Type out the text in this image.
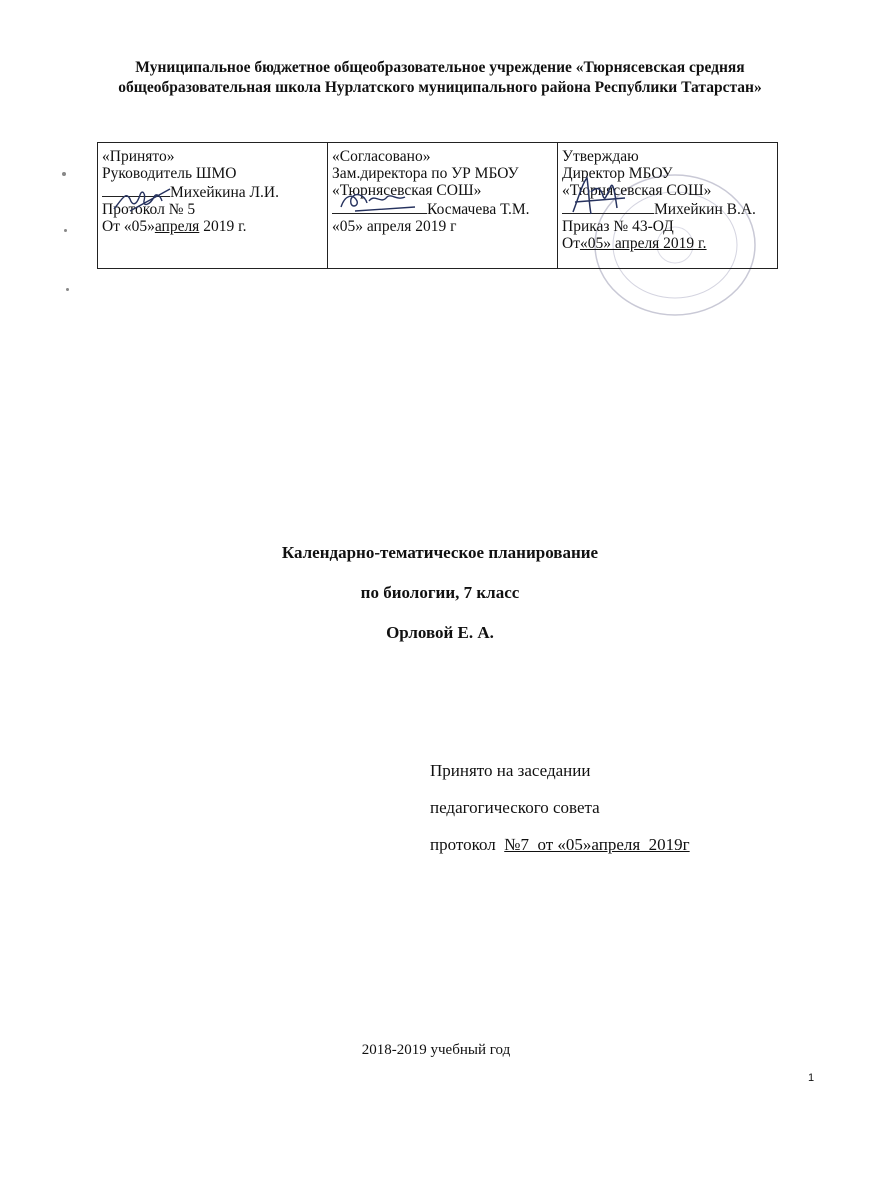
Муниципальное бюджетное общеобразовательное учреждение «Тюрнясевская средняя
общеобразовательная школа Нурлатского муниципального района Республики Татарстан»
«Принято»
Руководитель ШМО
Михейкина Л.И.
Протокол № 5
От «05»апреля 2019 г.

«Согласовано»
Зам.директора по УР МБОУ
«Тюрнясевская СОШ»
Космачева Т.М.
«05» апреля 2019 г

Утверждаю
Директор МБОУ
«Тюрнясевская СОШ»
Михейкин В.А.
Приказ № 43-ОД
От«05» апреля 2019 г.
Календарно-тематическое планирование
по биологии, 7 класс
Орловой Е. А.
Принято на заседании
педагогического совета
протокол  №7  от «05»апреля  2019г
2018-2019 учебный год
1
